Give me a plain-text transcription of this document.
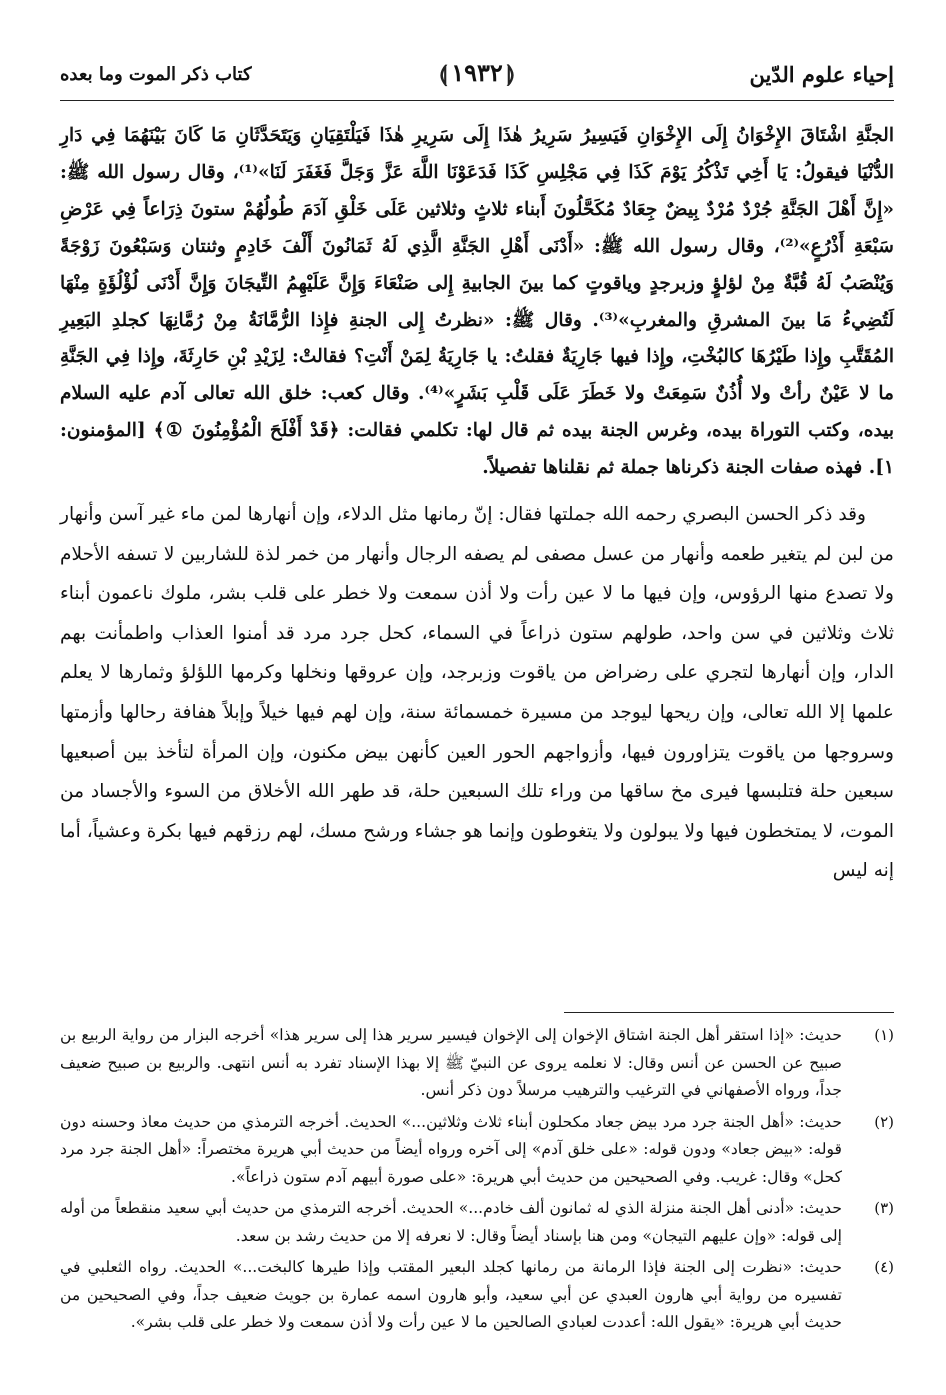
إحياء علوم الدّين
⟬١٩٣٢⟭
كتاب ذكر الموت وما بعده

الجنَّةِ اشْتَاقَ الإِخْوَانُ إِلَى الإِخْوَانِ فَيَسِيرُ سَرِيرُ هٰذَا إِلَى سَرِيرِ هٰذَا فَيَلْتَقِيَانِ وَيَتَحَدَّثَانِ مَا كَانَ بَيْنَهُمَا فِي دَارِ الدُّنْيَا فيقولُ: يَا أَخِي تَذْكُرُ يَوْمَ كَذَا فِي مَجْلِسِ كَذَا فَدَعَوْنَا اللَّهَ عَزَّ وَجَلَّ فَغَفَرَ لَنَا»⁽¹⁾، وقال رسول الله ﷺ: «إِنَّ أَهْلَ الجَنَّةِ جُرْدٌ مُرْدٌ بِيضٌ جِعَادٌ مُكَحَّلُونَ أَبناء ثلاثٍ وثلاثين عَلَى خَلْقِ آدَمَ طُولُهُمْ ستونَ ذِرَاعاً فِي عَرْضِ سَبْعَةِ أَذْرُعٍ»⁽²⁾، وقال رسول الله ﷺ: «أَدْنَى أَهْلِ الجَنَّةِ الَّذِي لَهُ ثَمَانُونَ أَلْفَ خَادِمٍ وثنتان وَسَبْعُونَ زَوْجَةً وَيُنْصَبُ لَهُ قُبَّةٌ مِنْ لؤلؤٍ وزبرجدٍ وياقوتٍ كما بينَ الجابيةِ إِلى صَنْعَاءَ وَإِنَّ عَلَيْهِمُ التِّيجَانَ وَإِنَّ أَدْنَى لُؤْلُؤَةٍ مِنْهَا لَتُضِيءُ مَا بينَ المشرقِ والمغربِ»⁽³⁾. وقال ﷺ: «نظرتُ إِلى الجنةِ فإِذا الرُّمَّانَةُ مِنْ رُمَّانِهَا كجلدِ البَعِيرِ المُقَتَّبِ وإِذا طَيْرُهَا كالبُخْتِ، وإِذا فيها جَارِيَةٌ فقلتُ: يا جَارِيَةُ لِمَنْ أَنْتِ؟ فقالتْ: لِزَيْدِ بْنِ حَارِثَةَ، وإِذا فِي الجَنَّةِ ما لا عَيْنٌ رأتْ ولا أُذُنٌ سَمِعَتْ ولا خَطَرَ عَلَى قَلْبِ بَشَرٍ»⁽⁴⁾. وقال كعب: خلق الله تعالى آدم عليه السلام بيده، وكتب التوراة بيده، وغرس الجنة بيده ثم قال لها: تكلمي فقالت: ﴿قَدْ أَفْلَحَ الْمُؤْمِنُونَ ①﴾ [المؤمنون: ١]. فهذه صفات الجنة ذكرناها جملة ثم نقلناها تفصيلاً.

وقد ذكر الحسن البصري رحمه الله جملتها فقال: إنّ رمانها مثل الدلاء، وإن أنهارها لمن ماء غير آسن وأنهار من لبن لم يتغير طعمه وأنهار من عسل مصفى لم يصفه الرجال وأنهار من خمر لذة للشاربين لا تسفه الأحلام ولا تصدع منها الرؤوس، وإن فيها ما لا عين رأت ولا أذن سمعت ولا خطر على قلب بشر، ملوك ناعمون أبناء ثلاث وثلاثين في سن واحد، طولهم ستون ذراعاً في السماء، كحل جرد مرد قد أمنوا العذاب واطمأنت بهم الدار، وإن أنهارها لتجري على رضراض من ياقوت وزبرجد، وإن عروقها ونخلها وكرمها اللؤلؤ وثمارها لا يعلم علمها إلا الله تعالى، وإن ريحها ليوجد من مسيرة خمسمائة سنة، وإن لهم فيها خيلاً وإبلاً هفافة رحالها وأزمتها وسروجها من ياقوت يتزاورون فيها، وأزواجهم الحور العين كأنهن بيض مكنون، وإن المرأة لتأخذ بين أصبعيها سبعين حلة فتلبسها فيرى مخ ساقها من وراء تلك السبعين حلة، قد طهر الله الأخلاق من السوء والأجساد من الموت، لا يمتخطون فيها ولا يبولون ولا يتغوطون وإنما هو جشاء ورشح مسك، لهم رزقهم فيها بكرة وعشياً، أما إنه ليس

(١)
حديث: «إذا استقر أهل الجنة اشتاق الإخوان إلى الإخوان فيسير سرير هذا إلى سرير هذا» أخرجه البزار من رواية الربيع بن صبيح عن الحسن عن أنس وقال: لا نعلمه يروى عن النبيّ ﷺ إلا بهذا الإسناد تفرد به أنس انتهى. والربيع بن صبيح ضعيف جداً، ورواه الأصفهاني في الترغيب والترهيب مرسلاً دون ذكر أنس.
(٢)
حديث: «أهل الجنة جرد مرد بيض جعاد مكحلون أبناء ثلاث وثلاثين...» الحديث. أخرجه الترمذي من حديث معاذ وحسنه دون قوله: «بيض جعاد» ودون قوله: «على خلق آدم» إلى آخره ورواه أيضاً من حديث أبي هريرة مختصراً: «أهل الجنة جرد مرد كحل» وقال: غريب. وفي الصحيحين من حديث أبي هريرة: «على صورة أبيهم آدم ستون ذراعاً».
(٣)
حديث: «أدنى أهل الجنة منزلة الذي له ثمانون ألف خادم...» الحديث. أخرجه الترمذي من حديث أبي سعيد منقطعاً من أوله إلى قوله: «وإن عليهم التيجان» ومن هنا بإسناد أيضاً وقال: لا نعرفه إلا من حديث رشد بن سعد.
(٤)
حديث: «نظرت إلى الجنة فإذا الرمانة من رمانها كجلد البعير المقتب وإذا طيرها كالبخت...» الحديث. رواه الثعلبي في تفسيره من رواية أبي هارون العبدي عن أبي سعيد، وأبو هارون اسمه عمارة بن جويث ضعيف جداً، وفي الصحيحين من حديث أبي هريرة: «يقول الله: أعددت لعبادي الصالحين ما لا عين رأت ولا أذن سمعت ولا خطر على قلب بشر».
